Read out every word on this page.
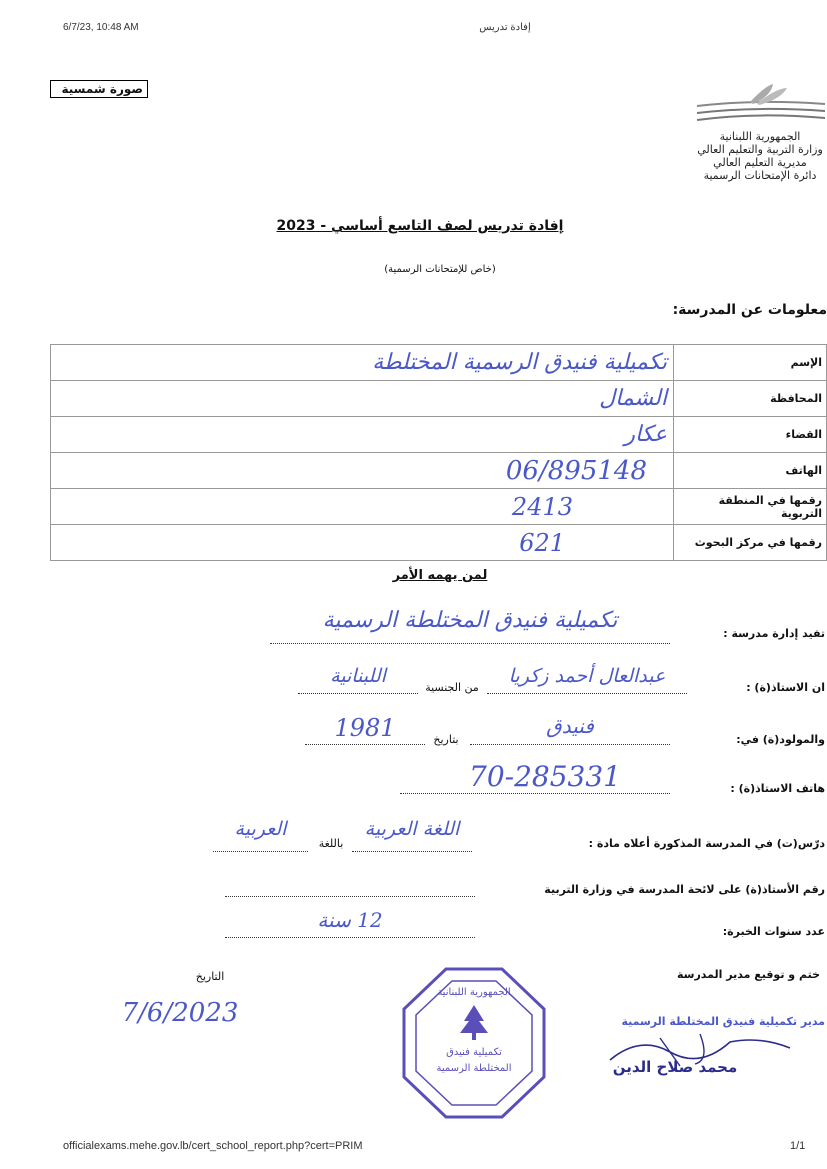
6/7/23, 10:48 AM	إفادة تدريس
صورة شمسية
الجمهورية اللبنانية
وزارة التربية والتعليم العالي
مديرية التعليم العالي
دائرة الإمتحانات الرسمية
إفادة تدريس لصف التاسع أساسي - 2023
(خاص للإمتحانات الرسمية)
معلومات عن المدرسة:
تكميلية فنيدق الرسمية المختلطة	الإسم

الشمال	المحافظة

عكار	القضاء

06/895148	الهاتف

2413	رقمها في المنطقة التربوية

621	رقمها في مركز البحوث
لمن يهمه الأمر
تفيد إدارة مدرسة :
تكميلية فنيدق المختلطة الرسمية
ان الاستاذ(ة) :
عبدالعال أحمد زكريا
من الجنسية
اللبنانية
والمولود(ة) في:
فنيدق
بتاريخ
1981
هاتف الاستاذ(ة) :
70-285331
درّس(ت) في المدرسة المذكورة أعلاه مادة :
اللغة العربية
باللغة
العربية
رقم الأستاذ(ة) على لائحة المدرسة في وزارة التربية
عدد سنوات الخبرة:
12 سنة
ختم و توقيع مدير المدرسة
التاريخ
7/6/2023
الجمهورية اللبنانية
تكميلية فنيدق
المختلطة الرسمية
مدير تكميلية فنيدق المختلطة الرسمية
محمد صلاح الدين
officialexams.mehe.gov.lb/cert_school_report.php?cert=PRIM	1/1
